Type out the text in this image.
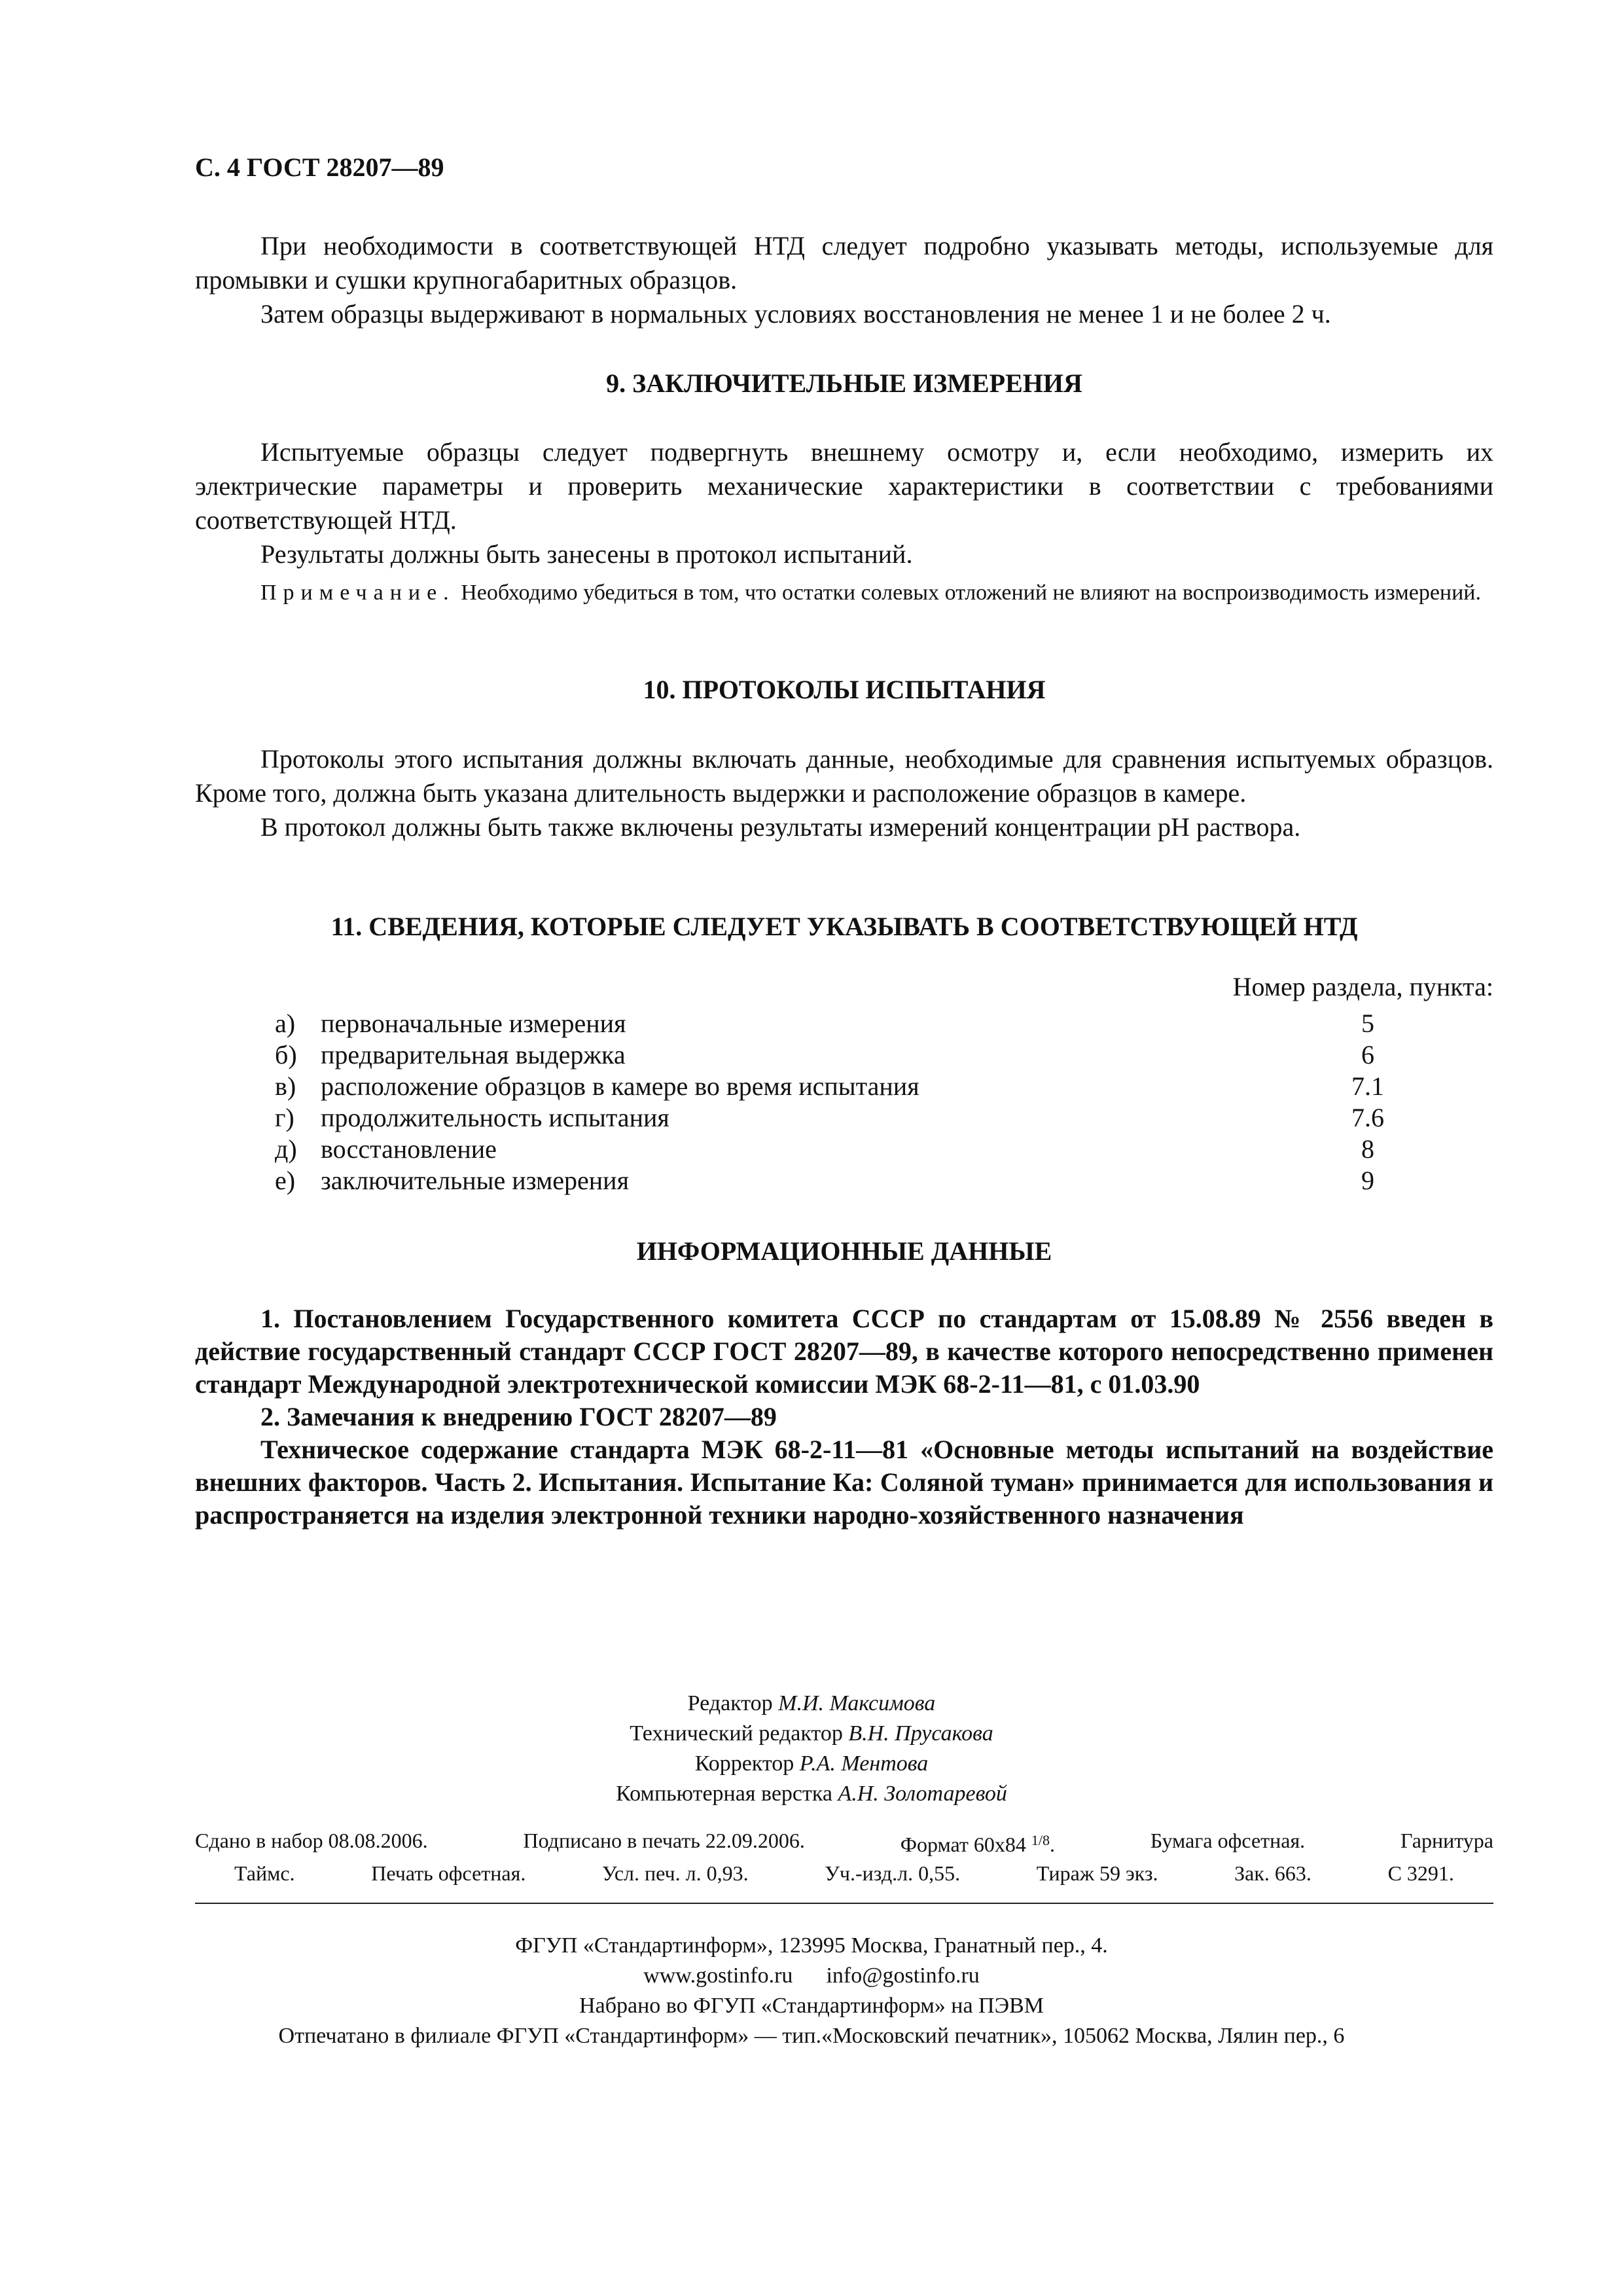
С. 4 ГОСТ 28207—89

При необходимости в соответствующей НТД следует подробно указывать методы, используемые для промывки и сушки крупногабаритных образцов.

Затем образцы выдерживают в нормальных условиях восстановления не менее 1 и не более 2 ч.

9. ЗАКЛЮЧИТЕЛЬНЫЕ ИЗМЕРЕНИЯ

Испытуемые образцы следует подвергнуть внешнему осмотру и, если необходимо, измерить их электрические параметры и проверить механические характеристики в соответствии с требованиями соответствующей НТД.

Результаты должны быть занесены в протокол испытаний.

Примечание. Необходимо убедиться в том, что остатки солевых отложений не влияют на воспроизводимость измерений.

10. ПРОТОКОЛЫ ИСПЫТАНИЯ

Протоколы этого испытания должны включать данные, необходимые для сравнения испытуемых образцов. Кроме того, должна быть указана длительность выдержки и расположение образцов в камере.

В протокол должны быть также включены результаты измерений концентрации pH раствора.

11. СВЕДЕНИЯ, КОТОРЫЕ СЛЕДУЕТ УКАЗЫВАТЬ В СООТВЕТСТВУЮЩЕЙ НТД
Номер раздела, пункта:
а) первоначальные измерения	5
б) предварительная выдержка	6
в) расположение образцов в камере во время испытания	7.1
г)	продолжительность испытания	7.6
д) восстановление	8
е) заключительные измерения	9
ИНФОРМАЦИОННЫЕ ДАННЫЕ

1. Постановлением Государственного комитета СССР по стандартам от 15.08.89 № 2556 введен в действие государственный стандарт СССР ГОСТ 28207—89, в качестве которого непосредственно применен стандарт Международной электротехнической комиссии МЭК 68-2-11—81, с 01.03.90

2. Замечания к внедрению ГОСТ 28207—89

Техническое содержание стандарта МЭК 68-2-11—81 «Основные методы испытаний на воздействие внешних факторов. Часть 2. Испытания. Испытание Ка: Соляной туман» принимается для использования и распространяется на изделия электронной техники народно-хозяйственного назначения

Редактор М.И. Максимова
Технический редактор В.Н. Прусакова
Корректор Р.А. Ментова
Компьютерная верстка А.Н. Золотаревой
Сдано в набор 08.08.2006.	Подписано в печать 22.09.2006.	Формат 60x84 $^{1/8}$.	Бумага офсетная.	Гарнитура
Таймс.	Печать офсетная.	Усл. печ. л. 0,93.	Уч.-изд.л. 0,55.	Тираж 59 экз.	Зак. 663.	С 3291.
ФГУП «Стандартинформ», 123995 Москва, Гранатный пер., 4.
www.gostinfo.ru info@gostinfo.ru
Набрано во ФГУП «Стандартинформ» на ПЭВМ
Отпечатано в филиале ФГУП «Стандартинформ» — тип.«Московский печатник», 105062 Москва, Лялин пер., 6
